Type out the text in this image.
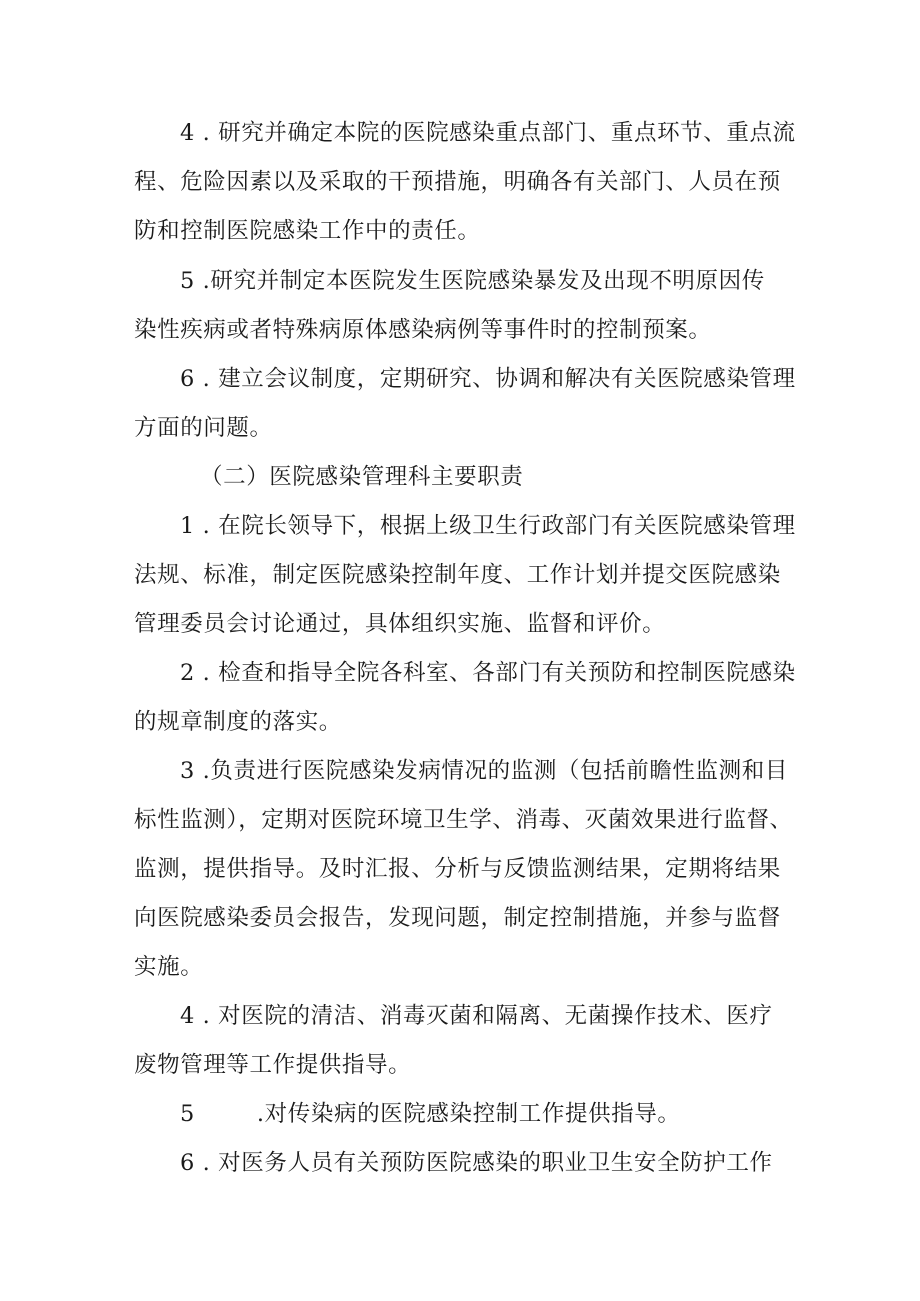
4 . 研究并确定本院的医院感染重点部门、重点环节、重点流
程、危险因素以及采取的干预措施，明确各有关部门、人员在预
防和控制医院感染工作中的责任。
5 .研究并制定本医院发生医院感染暴发及出现不明原因传
染性疾病或者特殊病原体感染病例等事件时的控制预案。
6 . 建立会议制度，定期研究、协调和解决有关医院感染管理
方面的问题。
（二）医院感染管理科主要职责
1 . 在院长领导下，根据上级卫生行政部门有关医院感染管理
法规、标准，制定医院感染控制年度、工作计划并提交医院感染
管理委员会讨论通过，具体组织实施、监督和评价。
2 . 检查和指导全院各科室、各部门有关预防和控制医院感染
的规章制度的落实。
3 .负责进行医院感染发病情况的监测（包括前瞻性监测和目
标性监测），定期对医院环境卫生学、消毒、灭菌效果进行监督、
监测，提供指导。及时汇报、分析与反馈监测结果，定期将结果
向医院感染委员会报告，发现问题，制定控制措施，并参与监督
实施。
4 . 对医院的清洁、消毒灭菌和隔离、无菌操作技术、医疗
废物管理等工作提供指导。
5        .对传染病的医院感染控制工作提供指导。
6 . 对医务人员有关预防医院感染的职业卫生安全防护工作
